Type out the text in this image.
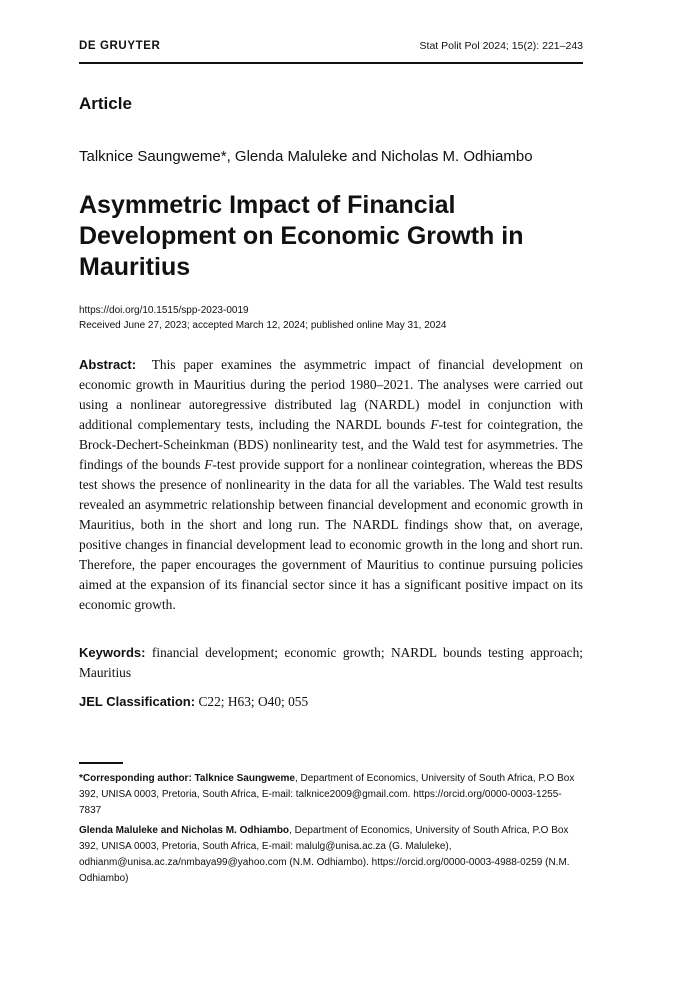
DE GRUYTER	Stat Polit Pol 2024; 15(2): 221–243
Article
Talknice Saungweme*, Glenda Maluleke and Nicholas M. Odhiambo
Asymmetric Impact of Financial Development on Economic Growth in Mauritius
https://doi.org/10.1515/spp-2023-0019
Received June 27, 2023; accepted March 12, 2024; published online May 31, 2024

Abstract: This paper examines the asymmetric impact of financial development on economic growth in Mauritius during the period 1980–2021. The analyses were carried out using a nonlinear autoregressive distributed lag (NARDL) model in conjunction with additional complementary tests, including the NARDL bounds F-test for cointegration, the Brock-Dechert-Scheinkman (BDS) nonlinearity test, and the Wald test for asymmetries. The findings of the bounds F-test provide support for a nonlinear cointegration, whereas the BDS test shows the presence of nonlinearity in the data for all the variables. The Wald test results revealed an asymmetric relationship between financial development and economic growth in Mauritius, both in the short and long run. The NARDL findings show that, on average, positive changes in financial development lead to economic growth in the long and short run. Therefore, the paper encourages the government of Mauritius to continue pursuing policies aimed at the expansion of its financial sector since it has a significant positive impact on its economic growth.

Keywords: financial development; economic growth; NARDL bounds testing approach; Mauritius

JEL Classification: C22; H63; O40; 055

*Corresponding author: Talknice Saungweme, Department of Economics, University of South Africa, P.O Box 392, UNISA 0003, Pretoria, South Africa, E-mail: talknice2009@gmail.com. https://orcid.org/0000-0003-1255-7837

Glenda Maluleke and Nicholas M. Odhiambo, Department of Economics, University of South Africa, P.O Box 392, UNISA 0003, Pretoria, South Africa, E-mail: malulg@unisa.ac.za (G. Maluleke), odhianm@unisa.ac.za/nmbaya99@yahoo.com (N.M. Odhiambo). https://orcid.org/0000-0003-4988-0259 (N.M. Odhiambo)
